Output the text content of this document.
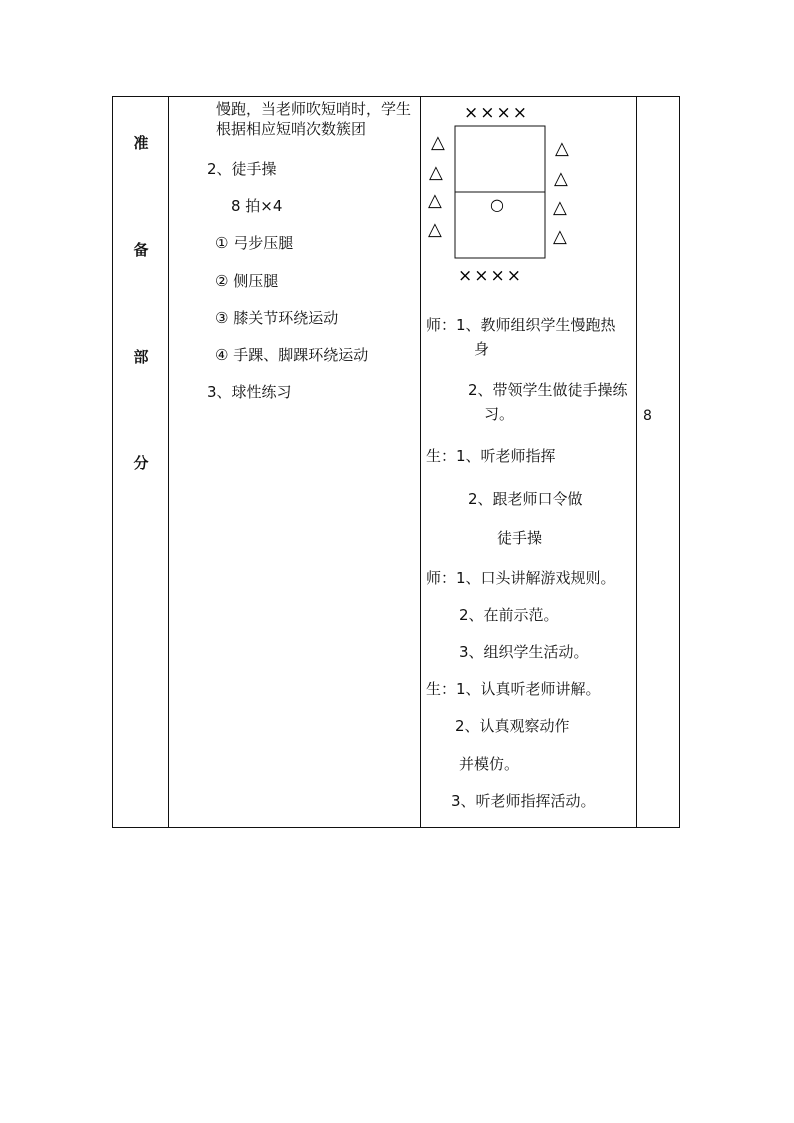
准
备
部
分
慢跑，当老师吹短哨时，学生根据相应短哨次数簇团
2、徒手操
8 拍×4
① 弓步压腿
② 侧压腿
③ 膝关节环绕运动
④ 手踝、脚踝环绕运动
3、球性练习
××××
××××
△
△
△
△
△
△
△
△
○
师：1、教师组织学生慢跑热
身
2、带领学生做徒手操练
习。
生：1、听老师指挥
2、跟老师口令做
徒手操
师：1、口头讲解游戏规则。
2、在前示范。
3、组织学生活动。
生：1、认真听老师讲解。
2、认真观察动作
并模仿。
3、听老师指挥活动。
8
